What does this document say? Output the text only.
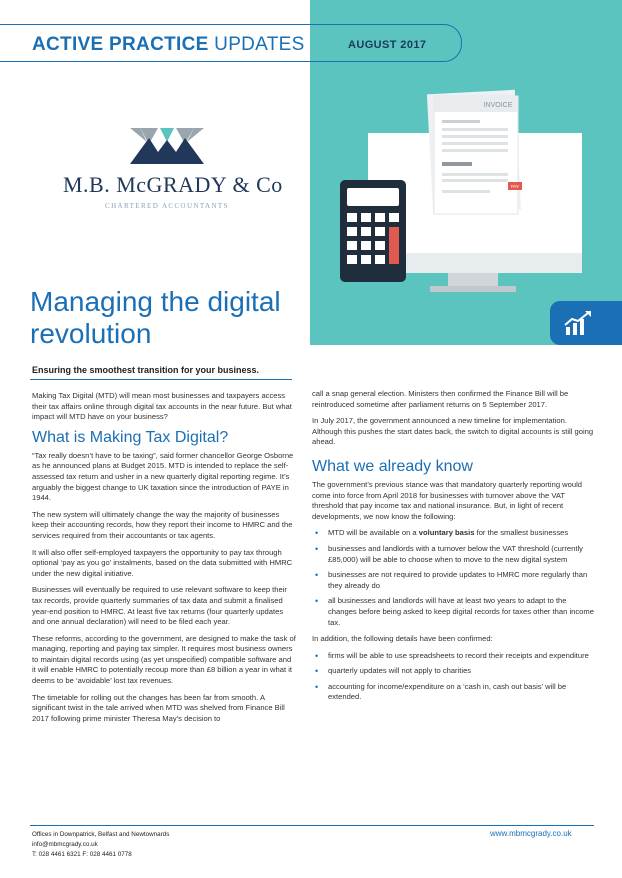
ACTIVE PRACTICE UPDATES	AUGUST 2017
M.B. McGRADY & Co
CHARTERED ACCOUNTANTS
INVOICE
PAY
Managing the digital revolution
Ensuring the smoothest transition for your business.

Making Tax Digital (MTD) will mean most businesses and taxpayers access their tax affairs online through digital tax accounts in the near future. But what impact will MTD have on your business?

What is Making Tax Digital?

“Tax really doesn’t have to be taxing”, said former chancellor George Osborne as he announced plans at Budget 2015. MTD is intended to replace the self-assessed tax return and usher in a new quarterly digital reporting regime. It’s arguably the biggest change to UK taxation since the introduction of PAYE in 1944.

The new system will ultimately change the way the majority of businesses keep their accounting records, how they report their income to HMRC and the services required from their accountants or tax agents.

It will also offer self-employed taxpayers the opportunity to pay tax through optional ‘pay as you go’ instalments, based on the data submitted with HMRC under the new digital initiative.

Businesses will eventually be required to use relevant software to keep their tax records, provide quarterly summaries of tax data and submit a finalised year-end position to HMRC. At least five tax returns (four quarterly updates and one annual declaration) will need to be filed each year.

These reforms, according to the government, are designed to make the task of managing, reporting and paying tax simpler. It requires most business owners to maintain digital records using (as yet unspecified) compatible software and it will enable HMRC to potentially recoup more than £8 billion a year in what it deems to be ‘avoidable’ lost tax revenues.

The timetable for rolling out the changes has been far from smooth. A significant twist in the tale arrived when MTD was shelved from Finance Bill 2017 following prime minister Theresa May’s decision to

call a snap general election. Ministers then confirmed the Finance Bill will be reintroduced sometime after parliament returns on 5 September 2017.

In July 2017, the government announced a new timeline for implementation. Although this pushes the start dates back, the switch to digital accounts is still going ahead.

What we already know

The government’s previous stance was that mandatory quarterly reporting would come into force from April 2018 for businesses with turnover above the VAT threshold that pay income tax and national insurance. But, in light of recent developments, we now know the following:

• MTD will be available on a voluntary basis for the smallest businesses
• businesses and landlords with a turnover below the VAT threshold (currently £85,000) will be able to choose when to move to the new digital system
• businesses are not required to provide updates to HMRC more regularly than they already do
• all businesses and landlords will have at least two years to adapt to the changes before being asked to keep digital records for taxes other than income tax.

In addition, the following details have been confirmed:

• firms will be able to use spreadsheets to record their receipts and expenditure
• quarterly updates will not apply to charities
• accounting for income/expenditure on a ‘cash in, cash out basis’ will be extended.
Offices in Downpatrick, Belfast and Newtownards
info@mbmcgrady.co.uk
T: 028 4461 6321 F: 028 4461 0778
www.mbmcgrady.co.uk
